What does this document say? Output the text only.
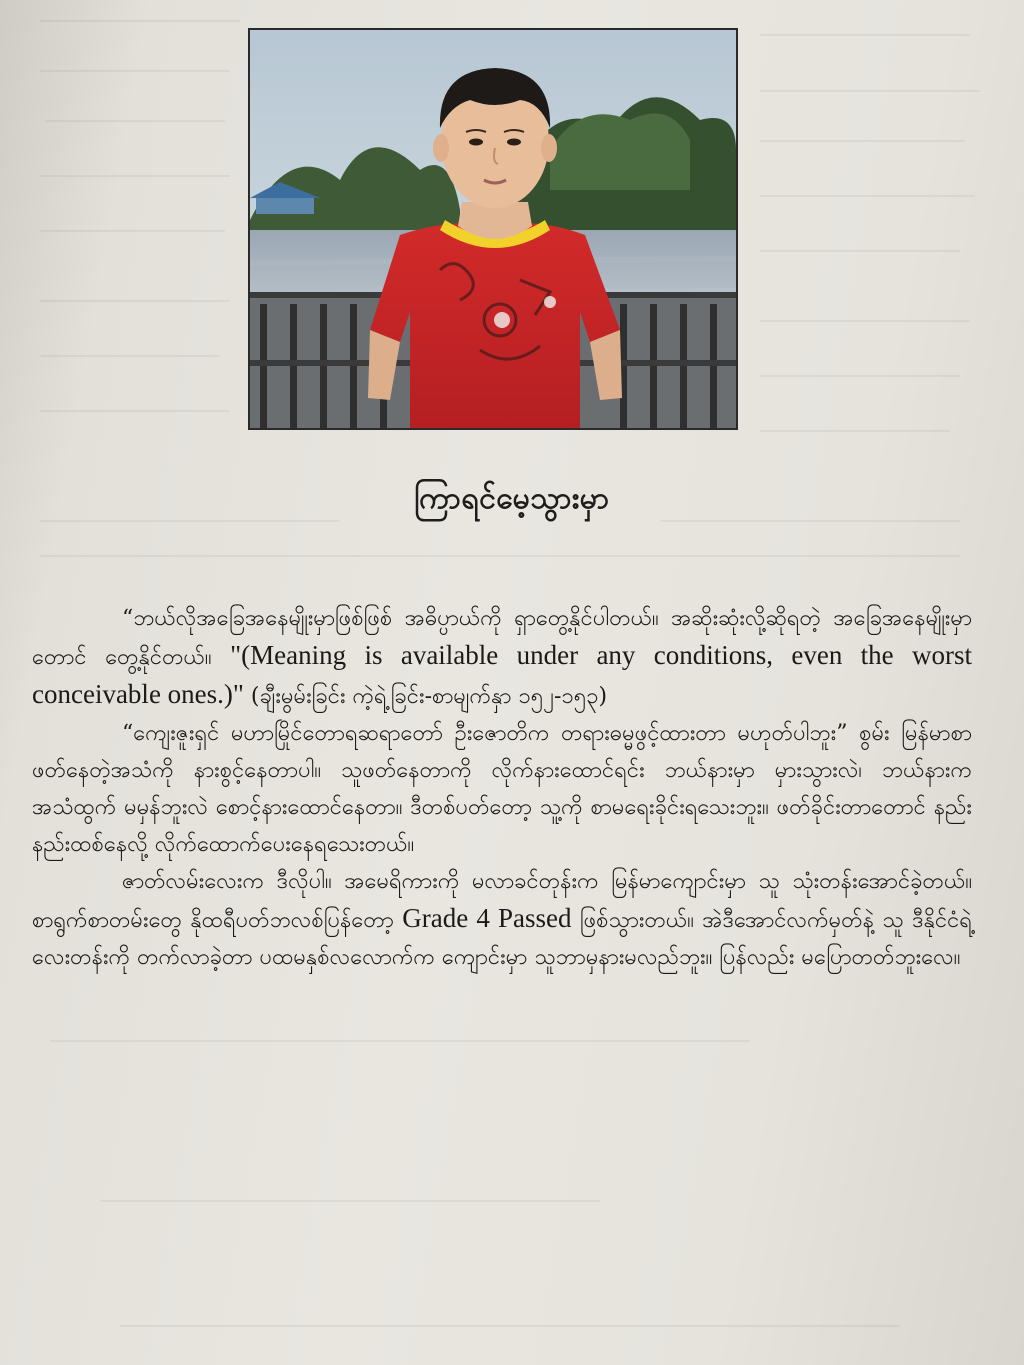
ကြာရင်မေ့သွားမှာ

“ဘယ်လိုအခြေအနေမျိုးမှာဖြစ်ဖြစ် အဓိပ္ပာယ်ကို ရှာတွေ့နိုင်ပါတယ်။ အဆိုးဆုံးလို့ဆိုရတဲ့ အခြေအနေမျိုးမှာတောင် တွေ့နိုင်တယ်။ "(Meaning is available under any conditions, even the worst conceivable ones.)" (ချီးမွမ်းခြင်း ကဲ့ရဲ့ခြင်း-စာမျက်နှာ ၁၅၂-၁၅၃)

“ကျေးဇူးရှင် မဟာမြိုင်တောရဆရာတော် ဦးဇောတိက တရားဓမ္မဖွင့်ထားတာ မဟုတ်ပါဘူး” စွမ်း မြန်မာစာဖတ်နေတဲ့အသံကို နားစွင့်နေတာပါ။ သူဖတ်နေတာကို လိုက်နားထောင်ရင်း ဘယ်နားမှာ မှားသွားလဲ၊ ဘယ်နားက အသံထွက် မမှန်ဘူးလဲ စောင့်နားထောင်နေတာ။ ဒီတစ်ပတ်တော့ သူ့ကို စာမရေးခိုင်းရသေးဘူး။ ဖတ်ခိုင်းတာတောင် နည်းနည်းထစ်နေလို့ လိုက်ထောက်ပေးနေရသေးတယ်။

ဇာတ်လမ်းလေးက ဒီလိုပါ။ အမေရိကားကို မလာခင်တုန်းက မြန်မာကျောင်းမှာ သူ သုံးတန်းအောင်ခဲ့တယ်။ စာရွက်စာတမ်းတွေ နိုထရီပတ်ဘလစ်ပြန်တော့ Grade 4 Passed ဖြစ်သွားတယ်။ အဲဒီအောင်လက်မှတ်နဲ့ သူ ဒီနိုင်ငံရဲ့ လေးတန်းကို တက်လာခဲ့တာ ပထမနှစ်လလောက်က ကျောင်းမှာ သူဘာမှနားမလည်ဘူး။ ပြန်လည်း မပြောတတ်ဘူးလေ။
